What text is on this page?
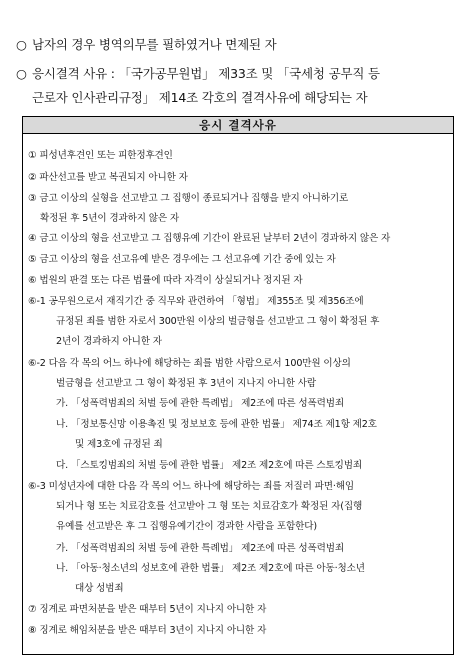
○ 남자의 경우 병역의무를 필하였거나 면제된 자
○ 응시결격 사유 : 「국가공무원법」 제33조 및 「국세청 공무직 등
근로자 인사관리규정」 제14조 각호의 결격사유에 해당되는 자
응시 결격사유
① 피성년후견인 또는 피한정후견인
② 파산선고를 받고 복권되지 아니한 자
③ 금고 이상의 실형을 선고받고 그 집행이 종료되거나 집행을 받지 아니하기로
확정된 후 5년이 경과하지 않은 자
④ 금고 이상의 형을 선고받고 그 집행유예 기간이 완료된 날부터 2년이 경과하지 않은 자
⑤ 금고 이상의 형을 선고유예 받은 경우에는 그 선고유예 기간 중에 있는 자
⑥ 법원의 판결 또는 다른 법률에 따라 자격이 상실되거나 정지된 자
⑥-1 공무원으로서 재직기간 중 직무와 관련하여 「형법」 제355조 및 제356조에
규정된 죄를 범한 자로서 300만원 이상의 벌금형을 선고받고 그 형이 확정된 후
2년이 경과하지 아니한 자
⑥-2 다음 각 목의 어느 하나에 해당하는 죄를 범한 사람으로서 100만원 이상의
벌금형을 선고받고 그 형이 확정된 후 3년이 지나지 아니한 사람
가. 「성폭력범죄의 처벌 등에 관한 특례법」 제2조에 따른 성폭력범죄
나. 「정보통신망 이용촉진 및 정보보호 등에 관한 법률」 제74조 제1항 제2호
및 제3호에 규정된 죄
다. 「스토킹범죄의 처벌 등에 관한 법률」 제2조 제2호에 따른 스토킹범죄
⑥-3 미성년자에 대한 다음 각 목의 어느 하나에 해당하는 죄를 저질러 파면·해임
되거나 형 또는 치료감호를 선고받아 그 형 또는 치료감호가 확정된 자(집행
유예를 선고받은 후 그 집행유예기간이 경과한 사람을 포함한다)
가. 「성폭력범죄의 처벌 등에 관한 특례법」 제2조에 따른 성폭력범죄
나. 「아동·청소년의 성보호에 관한 법률」 제2조 제2호에 따른 아동·청소년
대상 성범죄
⑦ 징계로 파면처분을 받은 때부터 5년이 지나지 아니한 자
⑧ 징계로 해임처분을 받은 때부터 3년이 지나지 아니한 자
